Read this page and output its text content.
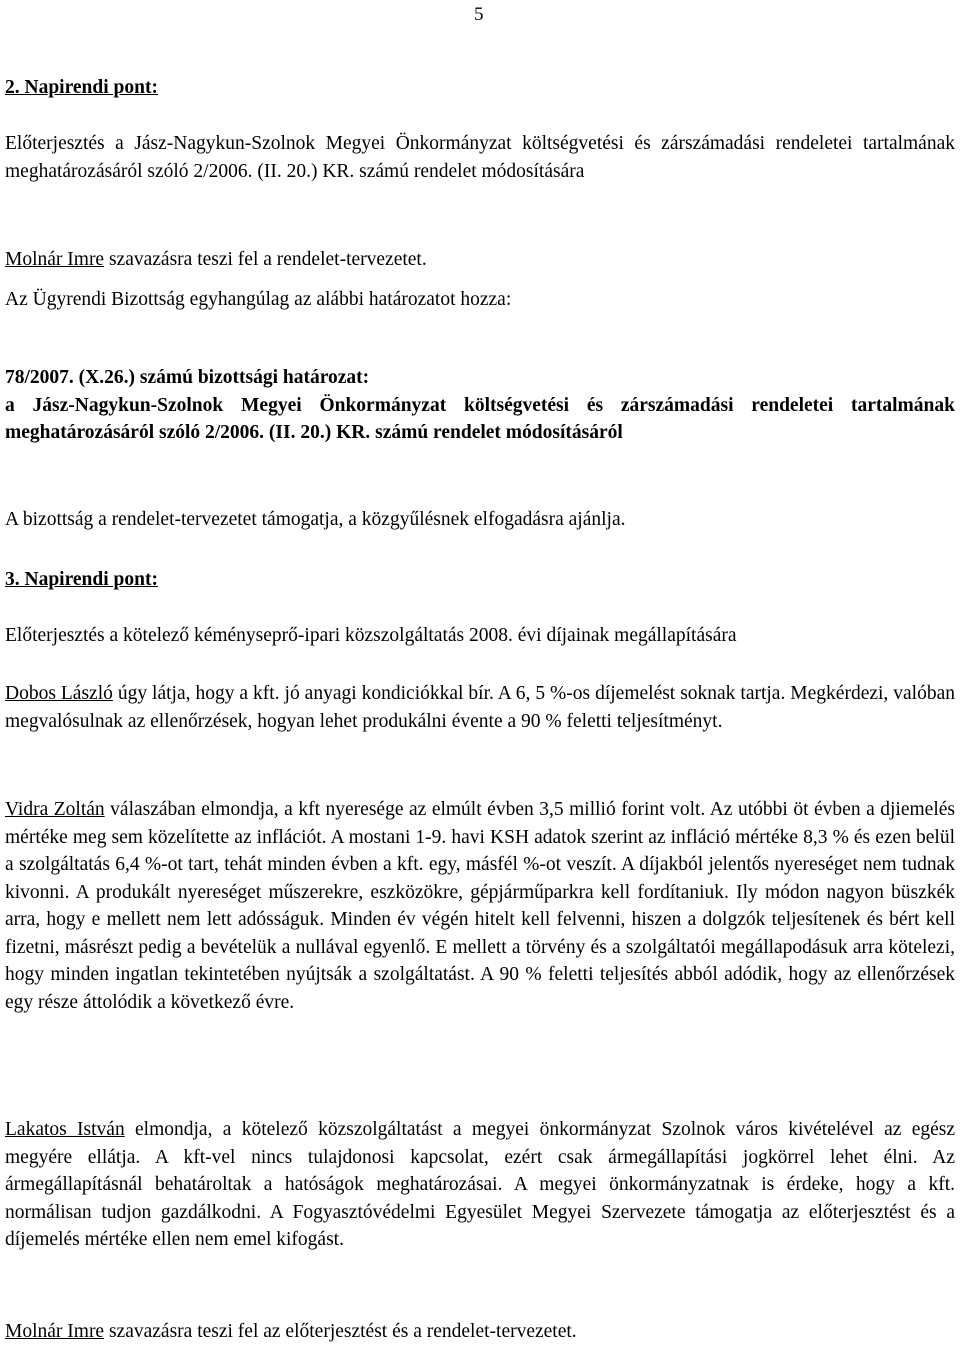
5

2. Napirendi pont:

Előterjesztés a Jász-Nagykun-Szolnok Megyei Önkormányzat költségvetési és zárszámadási rendeletei tartalmának meghatározásáról szóló 2/2006. (II. 20.) KR. számú rendelet módosítására

Molnár Imre szavazásra teszi fel a rendelet-tervezetet.

Az Ügyrendi Bizottság egyhangúlag az alábbi határozatot hozza:

78/2007. (X.26.) számú bizottsági határozat:

a Jász-Nagykun-Szolnok Megyei Önkormányzat költségvetési és zárszámadási rendeletei tartalmának meghatározásáról szóló 2/2006. (II. 20.) KR. számú rendelet módosításáról

A bizottság a rendelet-tervezetet támogatja, a közgyűlésnek elfogadásra ajánlja.

3. Napirendi pont:

Előterjesztés a kötelező kéményseprő-ipari közszolgáltatás 2008. évi díjainak megállapítására

Dobos László úgy látja, hogy a kft. jó anyagi kondiciókkal bír. A 6, 5 %-os díjemelést soknak tartja. Megkérdezi, valóban megvalósulnak az ellenőrzések, hogyan lehet produkálni évente a 90 % feletti teljesítményt.

Vidra Zoltán válaszában elmondja, a kft nyeresége az elmúlt évben 3,5 millió forint volt. Az utóbbi öt évben a djiemelés mértéke meg sem közelítette az inflációt. A mostani 1-9. havi KSH adatok szerint az infláció mértéke 8,3 % és ezen belül a szolgáltatás 6,4 %-ot tart, tehát minden évben a kft. egy, másfél %-ot veszít. A díjakból jelentős nyereséget nem tudnak kivonni. A produkált nyereséget műszerekre, eszközökre, gépjárműparkra kell fordítaniuk. Ily módon nagyon büszkék arra, hogy e mellett nem lett adósságuk. Minden év végén hitelt kell felvenni, hiszen a dolgzók teljesítenek és bért kell fizetni, másrészt pedig a bevételük a nullával egyenlő. E mellett a törvény és a szolgáltatói megállapodásuk arra kötelezi, hogy minden ingatlan tekintetében nyújtsák a szolgáltatást. A 90 % feletti teljesítés abból adódik, hogy az ellenőrzések egy része áttolódik a következő évre.

Lakatos István elmondja, a kötelező közszolgáltatást a megyei önkormányzat Szolnok város kivételével az egész megyére ellátja. A kft-vel nincs tulajdonosi kapcsolat, ezért csak ármegállapítási jogkörrel lehet élni. Az ármegállapításnál behatároltak a hatóságok meghatározásai. A megyei önkormányzatnak is érdeke, hogy a kft. normálisan tudjon gazdálkodni. A Fogyasztóvédelmi Egyesület Megyei Szervezete támogatja az előterjesztést és a díjemelés mértéke ellen nem emel kifogást.

Molnár Imre szavazásra teszi fel az előterjesztést és a rendelet-tervezetet.
